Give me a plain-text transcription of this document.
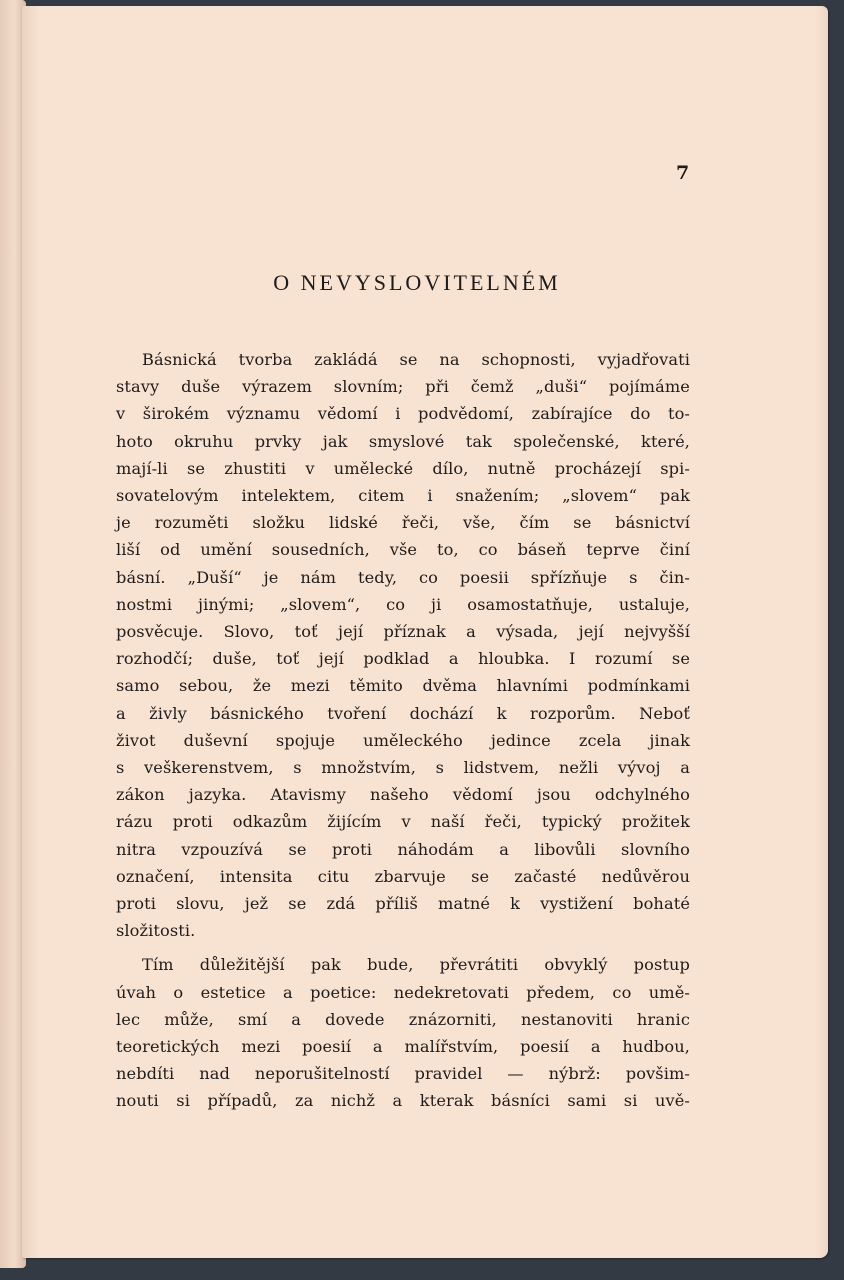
7
O NEVYSLOVITELNÉM
Básnická tvorba zakládá se na schopnosti, vyjadřovati
stavy duše výrazem slovním; při čemž „duši“ pojímáme
v širokém významu vědomí i podvědomí, zabírajíce do to-
hoto okruhu prvky jak smyslové tak společenské, které,
mají-li se zhustiti v umělecké dílo, nutně procházejí spi-
sovatelovým intelektem, citem i snažením; „slovem“ pak
je rozuměti složku lidské řeči, vše, čím se básnictví
liší od umění sousedních, vše to, co báseň teprve činí
básní. „Duší“ je nám tedy, co poesii spřízňuje s čin-
nostmi jinými; „slovem“, co ji osamostatňuje, ustaluje,
posvěcuje. Slovo, toť její příznak a výsada, její nejvyšší
rozhodčí; duše, toť její podklad a hloubka. I rozumí se
samo sebou, že mezi těmito dvěma hlavními podmínkami
a živly básnického tvoření dochází k rozporům. Neboť
život duševní spojuje uměleckého jedince zcela jinak
s veškerenstvem, s množstvím, s lidstvem, nežli vývoj a
zákon jazyka. Atavismy našeho vědomí jsou odchylného
rázu proti odkazům žijícím v naší řeči, typický prožitek
nitra vzpouzívá se proti náhodám a libovůli slovního
označení, intensita citu zbarvuje se začasté nedůvěrou
proti slovu, jež se zdá příliš matné k vystižení bohaté
složitosti.
Tím důležitější pak bude, převrátiti obvyklý postup
úvah o estetice a poetice: nedekretovati předem, co umě-
lec může, smí a dovede znázorniti, nestanoviti hranic
teoretických mezi poesií a malířstvím, poesií a hudbou,
nebdíti nad neporušitelností pravidel — nýbrž: povšim-
nouti si případů, za nichž a kterak básníci sami si uvě-
